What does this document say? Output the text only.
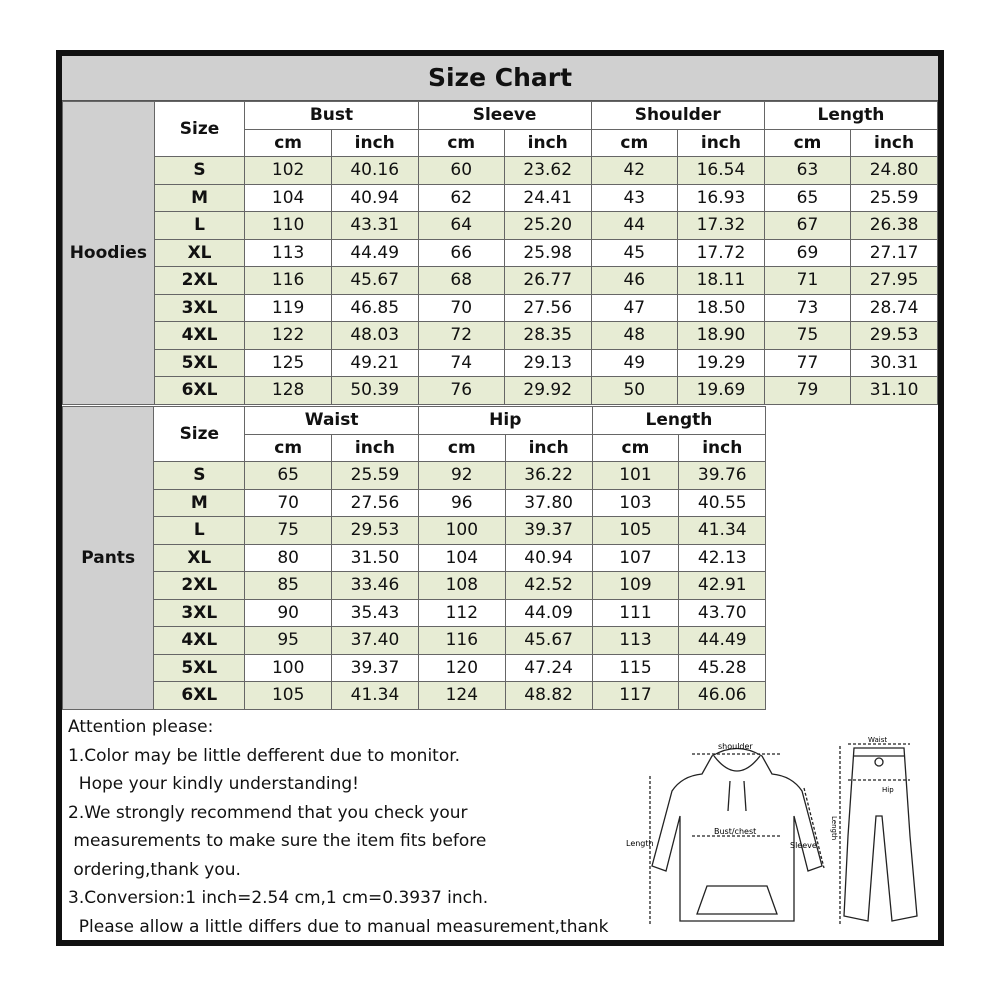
Size Chart
Hoodies	Size	Bust		Sleeve		Shoulder		Length	
		cm	inch	cm	inch	cm	inch	cm	inch
	S	102	40.16	60	23.62	42	16.54	63	24.80
	M	104	40.94	62	24.41	43	16.93	65	25.59
	L	110	43.31	64	25.20	44	17.32	67	26.38
	XL	113	44.49	66	25.98	45	17.72	69	27.17
	2XL	116	45.67	68	26.77	46	18.11	71	27.95
	3XL	119	46.85	70	27.56	47	18.50	73	28.74
	4XL	122	48.03	72	28.35	48	18.90	75	29.53
	5XL	125	49.21	74	29.13	49	19.29	77	30.31
	6XL	128	50.39	76	29.92	50	19.69	79	31.10
Pants	Size	Waist		Hip		Length		
		cm	inch	cm	inch	cm	inch	
	S	65	25.59	92	36.22	101	39.76	
	M	70	27.56	96	37.80	103	40.55	
	L	75	29.53	100	39.37	105	41.34	
	XL	80	31.50	104	40.94	107	42.13	
	2XL	85	33.46	108	42.52	109	42.91	
	3XL	90	35.43	112	44.09	111	43.70	
	4XL	95	37.40	116	45.67	113	44.49	
	5XL	100	39.37	120	47.24	115	45.28	
	6XL	105	41.34	124	48.82	117	46.06	
Attention please:
1.Color may be little defferent due to monitor.
Hope your kindly understanding!
2.We strongly recommend that you check your
measurements to make sure the item fits before
ordering,thank you.
3.Conversion:1 inch=2.54 cm,1 cm=0.3937 inch.
Please allow a little differs due to manual measurement,thank
shoulder
Bust/chest
Length	Sleeve
Waist
Hip
Length
